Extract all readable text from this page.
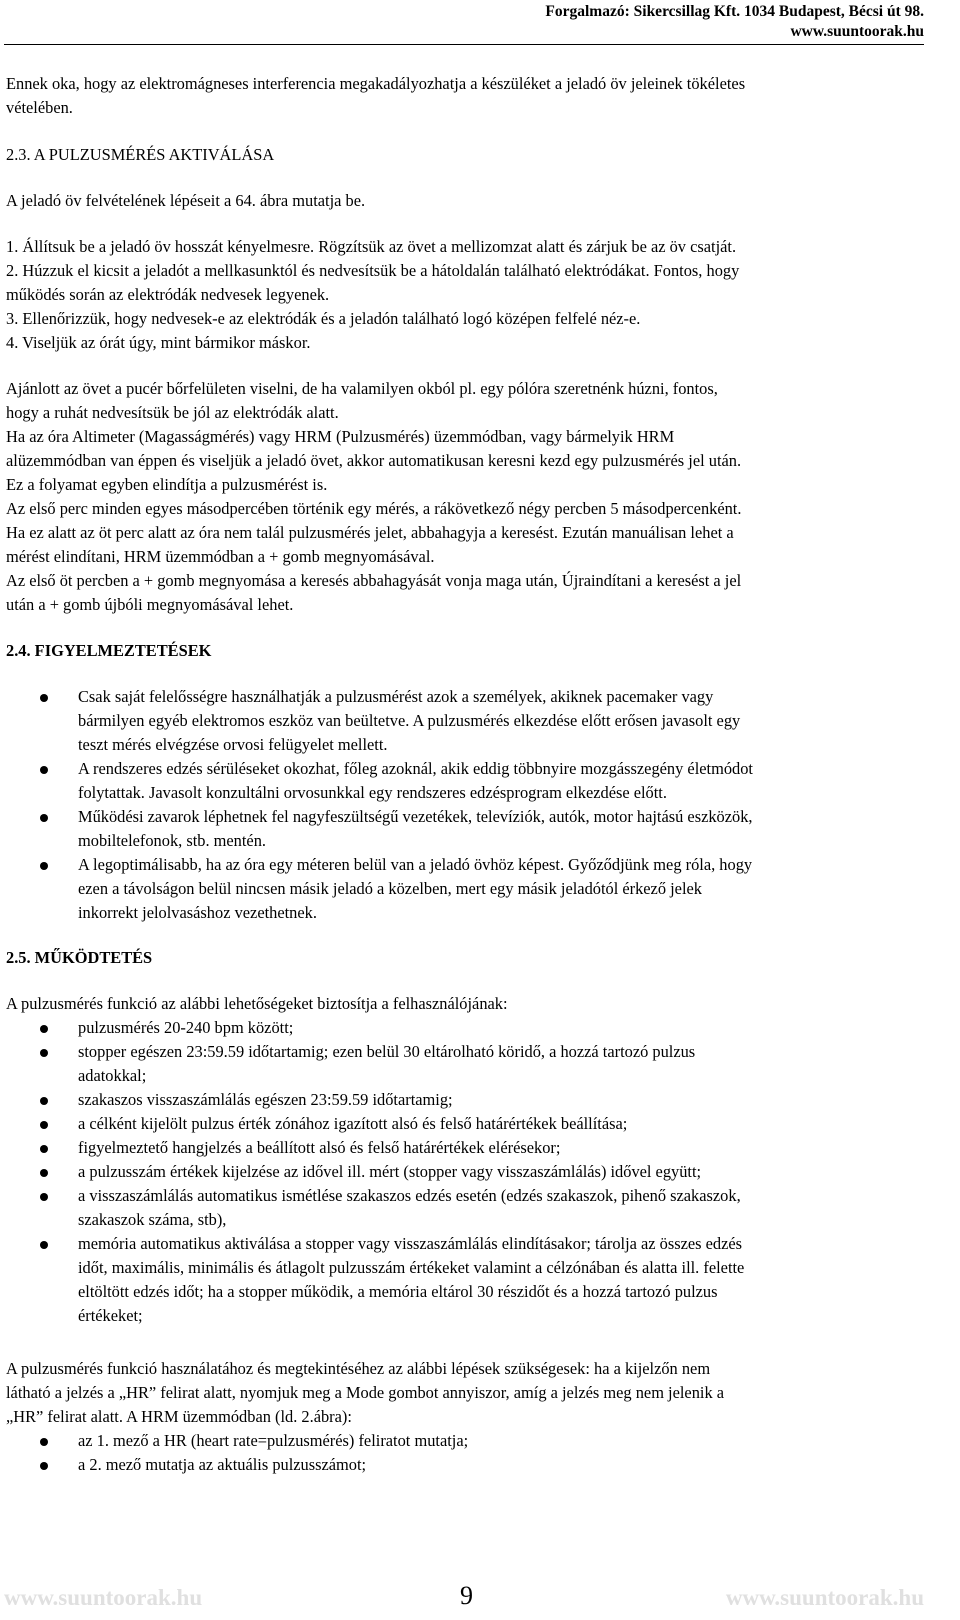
Forgalmazó: Sikercsillag Kft. 1034 Budapest, Bécsi út 98.
www.suuntoorak.hu
Ennek oka, hogy az elektromágneses interferencia megakadályozhatja a készüléket a jeladó öv jeleinek tökéletes
vételében.
2.3. A PULZUSMÉRÉS AKTIVÁLÁSA
A jeladó öv felvételének lépéseit a 64. ábra mutatja be.
1. Állítsuk be a jeladó öv hosszát kényelmesre. Rögzítsük az övet a mellizomzat alatt és zárjuk be az öv csatját.
2. Húzzuk el kicsit a jeladót a mellkasunktól és nedvesítsük be a hátoldalán található elektródákat. Fontos, hogy
működés során az elektródák nedvesek legyenek.
3. Ellenőrizzük, hogy nedvesek-e az elektródák és a jeladón található logó középen felfelé néz-e.
4. Viseljük az órát úgy, mint bármikor máskor.
Ajánlott az övet a pucér bőrfelületen viselni, de ha valamilyen okból pl. egy pólóra szeretnénk húzni, fontos,
hogy a ruhát nedvesítsük be jól az elektródák alatt.
Ha az óra Altimeter (Magasságmérés) vagy HRM (Pulzusmérés) üzemmódban, vagy bármelyik HRM
alüzemmódban van éppen és viseljük a jeladó övet, akkor automatikusan keresni kezd egy pulzusmérés jel után.
Ez a folyamat egyben elindítja a pulzusmérést is.
Az első perc minden egyes másodpercében történik egy mérés, a rákövetkező négy percben 5 másodpercenként.
Ha ez alatt az öt perc alatt az óra nem talál pulzusmérés jelet, abbahagyja a keresést. Ezután manuálisan lehet a
mérést elindítani, HRM üzemmódban a + gomb megnyomásával.
Az első öt percben a + gomb megnyomása a keresés abbahagyását vonja maga után, Újraindítani a keresést a jel
után a + gomb újbóli megnyomásával lehet.
2.4. FIGYELMEZTETÉSEK
Csak saját felelősségre használhatják a pulzusmérést azok a személyek, akiknek pacemaker vagy
bármilyen egyéb elektromos eszköz van beültetve. A pulzusmérés elkezdése előtt erősen javasolt egy
teszt mérés elvégzése orvosi felügyelet mellett.
A rendszeres edzés sérüléseket okozhat, főleg azoknál, akik eddig többnyire mozgásszegény életmódot
folytattak. Javasolt konzultálni orvosunkkal egy rendszeres edzésprogram elkezdése előtt.
Működési zavarok léphetnek fel nagyfeszültségű vezetékek, televíziók, autók, motor hajtású eszközök,
mobiltelefonok, stb. mentén.
A legoptimálisabb, ha az óra egy méteren belül van a jeladó övhöz képest. Győződjünk meg róla, hogy
ezen a távolságon belül nincsen másik jeladó a közelben, mert egy másik jeladótól érkező jelek
inkorrekt jelolvasáshoz vezethetnek.
2.5. MŰKÖDTETÉS
A pulzusmérés funkció az alábbi lehetőségeket biztosítja a felhasználójának:
pulzusmérés 20-240 bpm között;
stopper egészen 23:59.59 időtartamig; ezen belül 30 eltárolható köridő, a hozzá tartozó pulzus
adatokkal;
szakaszos visszaszámlálás egészen 23:59.59 időtartamig;
a célként kijelölt pulzus érték zónához igazított alsó és felső határértékek beállítása;
figyelmeztető hangjelzés a beállított alsó és felső határértékek elérésekor;
a pulzusszám értékek kijelzése az idővel ill. mért (stopper vagy visszaszámlálás) idővel együtt;
a visszaszámlálás automatikus ismétlése szakaszos edzés esetén (edzés szakaszok, pihenő szakaszok,
szakaszok száma, stb),
memória automatikus aktiválása a stopper vagy visszaszámlálás elindításakor; tárolja az összes edzés
időt, maximális, minimális és átlagolt pulzusszám értékeket valamint a célzónában és alatta ill. felette
eltöltött edzés időt; ha a stopper működik, a memória eltárol 30 részidőt és a hozzá tartozó pulzus
értékeket;
A pulzusmérés funkció használatához és megtekintéséhez az alábbi lépések szükségesek: ha a kijelzőn nem
látható a jelzés a „HR” felirat alatt, nyomjuk meg a Mode gombot annyiszor, amíg a jelzés meg nem jelenik a
„HR” felirat alatt. A HRM üzemmódban (ld. 2.ábra):
az 1. mező a HR (heart rate=pulzusmérés) feliratot mutatja;
a 2. mező mutatja az aktuális pulzusszámot;
www.suuntoorak.hu	9	www.suuntoorak.hu
